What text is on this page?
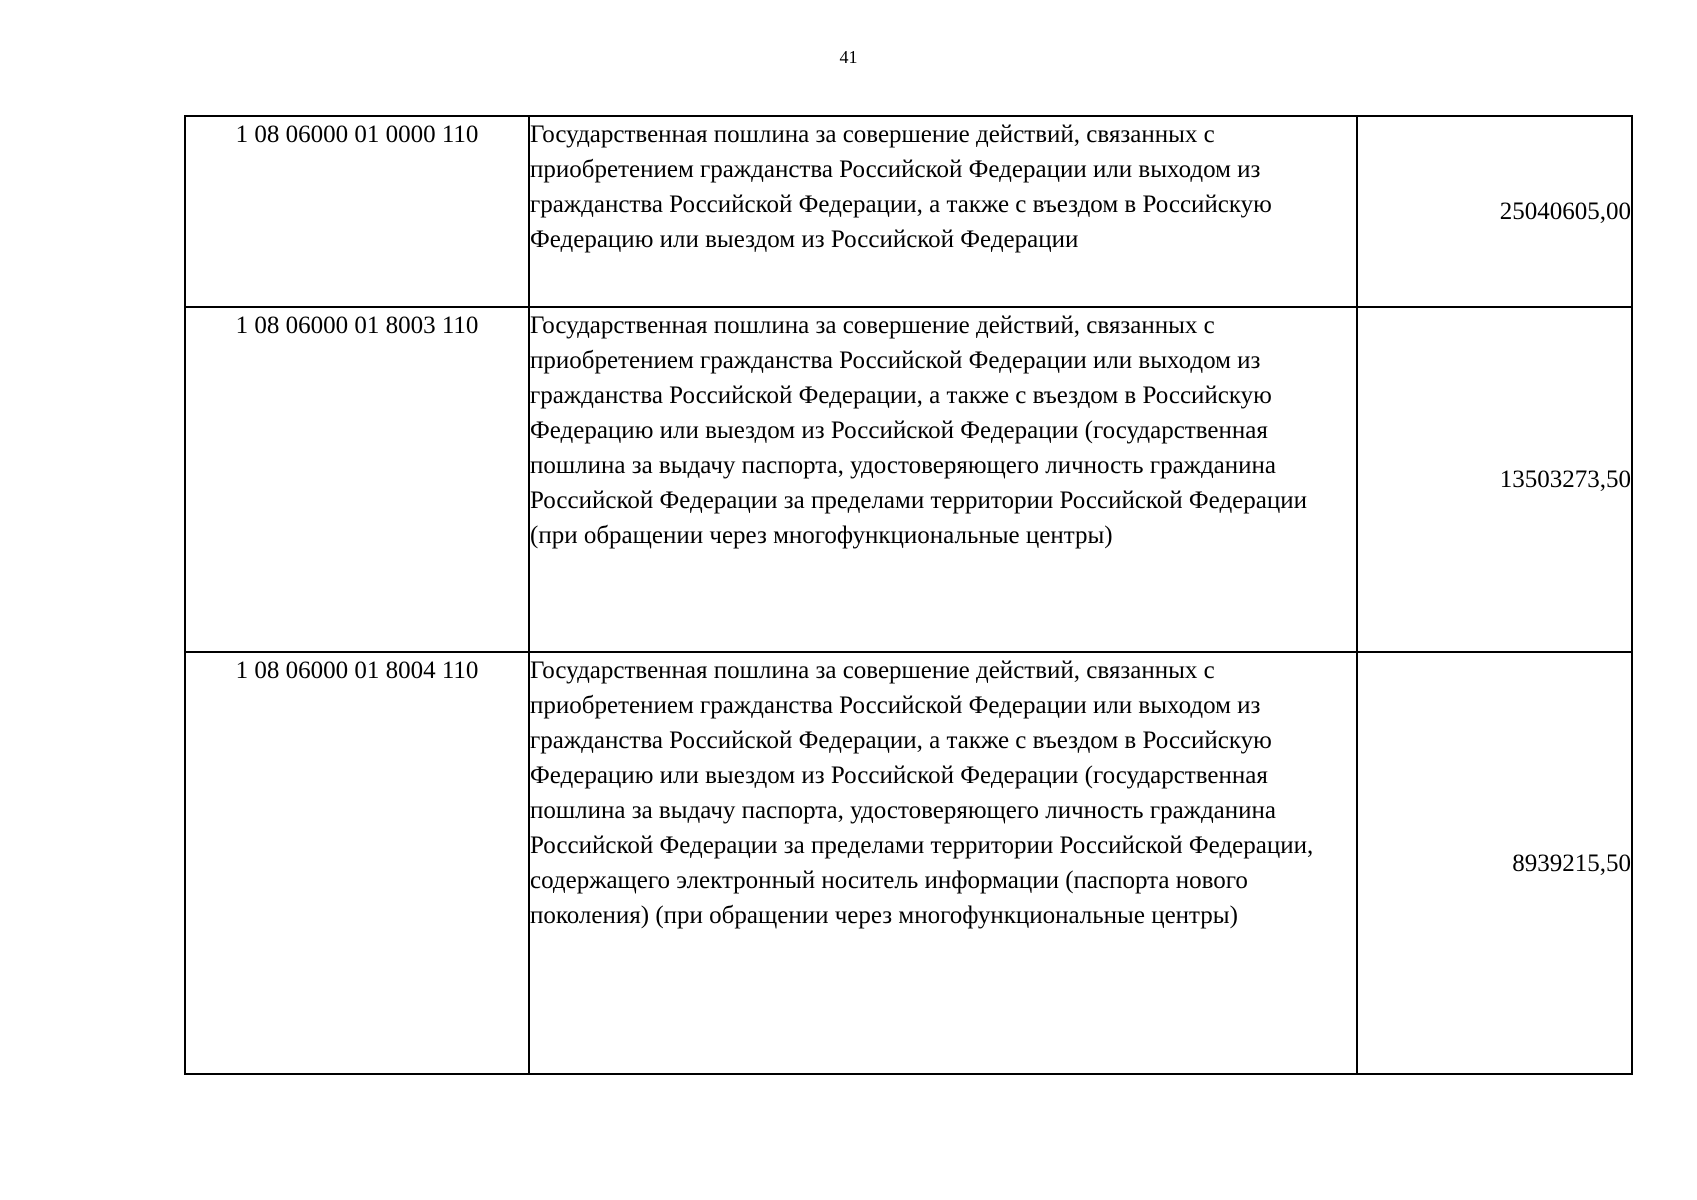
41
1 08 06000 01 0000 110	Государственная пошлина за совершение действий, связанных с приобретением гражданства Российской Федерации или выходом из гражданства Российской Федерации, а также с въездом в Российскую Федерацию или выездом из Российской Федерации	25040605,00
1 08 06000 01 8003 110	Государственная пошлина за совершение действий, связанных с приобретением гражданства Российской Федерации или выходом из гражданства Российской Федерации, а также с въездом в Российскую Федерацию или выездом из Российской Федерации (государственная пошлина за выдачу паспорта, удостоверяющего личность гражданина Российской Федерации за пределами территории Российской Федерации (при обращении через многофункциональные центры)	13503273,50
1 08 06000 01 8004 110	Государственная пошлина за совершение действий, связанных с приобретением гражданства Российской Федерации или выходом из гражданства Российской Федерации, а также с въездом в Российскую Федерацию или выездом из Российской Федерации (государственная пошлина за выдачу паспорта, удостоверяющего личность гражданина Российской Федерации за пределами территории Российской Федерации, содержащего электронный носитель информации (паспорта нового поколения) (при обращении через многофункциональные центры)	8939215,50
